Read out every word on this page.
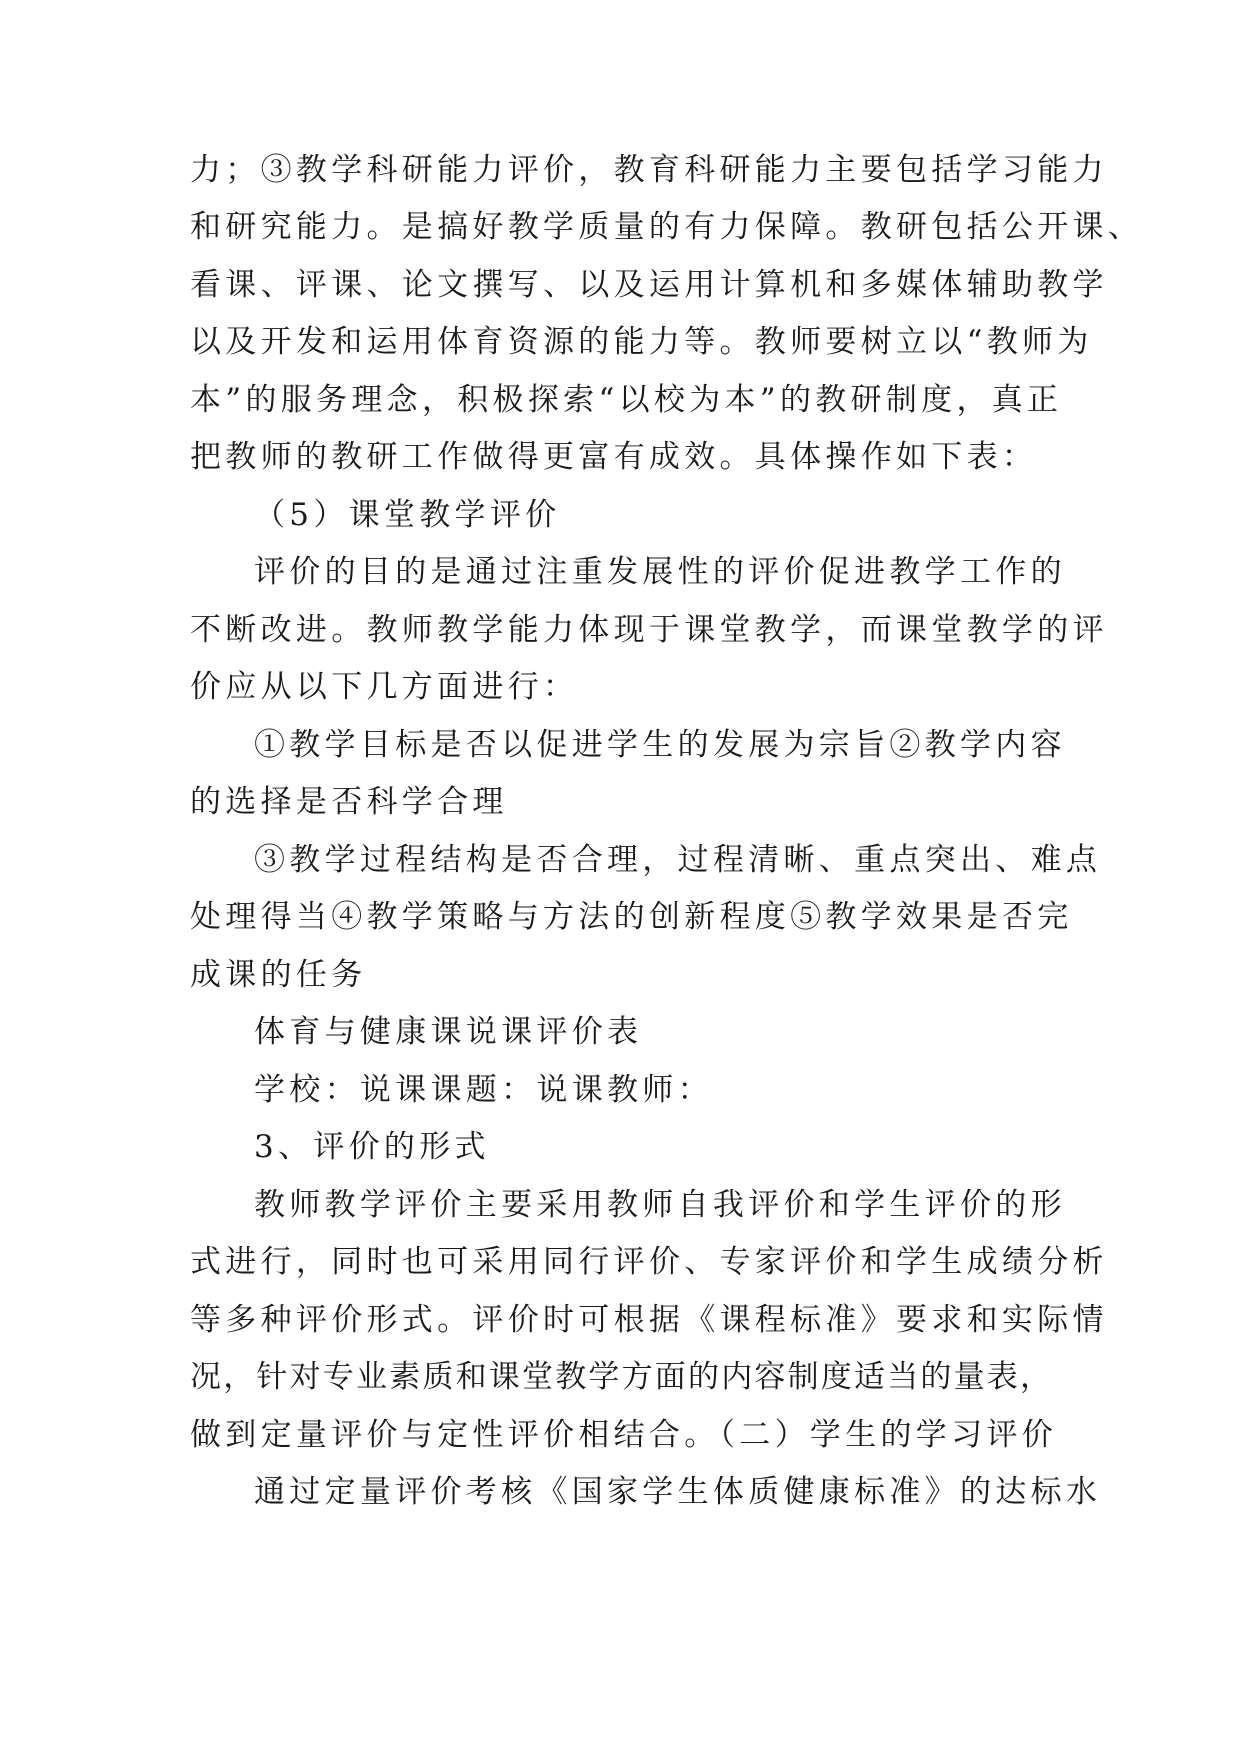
力；③教学科研能力评价，教育科研能力主要包括学习能力
和研究能力。是搞好教学质量的有力保障。教研包括公开课、
看课、评课、论文撰写、以及运用计算机和多媒体辅助教学
以及开发和运用体育资源的能力等。教师要树立以“教师为
本”的服务理念，积极探索“以校为本”的教研制度，真正
把教师的教研工作做得更富有成效。具体操作如下表：
（5）课堂教学评价
评价的目的是通过注重发展性的评价促进教学工作的
不断改进。教师教学能力体现于课堂教学，而课堂教学的评
价应从以下几方面进行：
①教学目标是否以促进学生的发展为宗旨②教学内容
的选择是否科学合理
③教学过程结构是否合理，过程清晰、重点突出、难点
处理得当④教学策略与方法的创新程度⑤教学效果是否完
成课的任务
体育与健康课说课评价表
学校：说课课题：说课教师：
3、评价的形式
教师教学评价主要采用教师自我评价和学生评价的形
式进行，同时也可采用同行评价、专家评价和学生成绩分析
等多种评价形式。评价时可根据《课程标准》要求和实际情
况，针对专业素质和课堂教学方面的内容制度适当的量表，
做到定量评价与定性评价相结合。（二）学生的学习评价
通过定量评价考核《国家学生体质健康标准》的达标水
